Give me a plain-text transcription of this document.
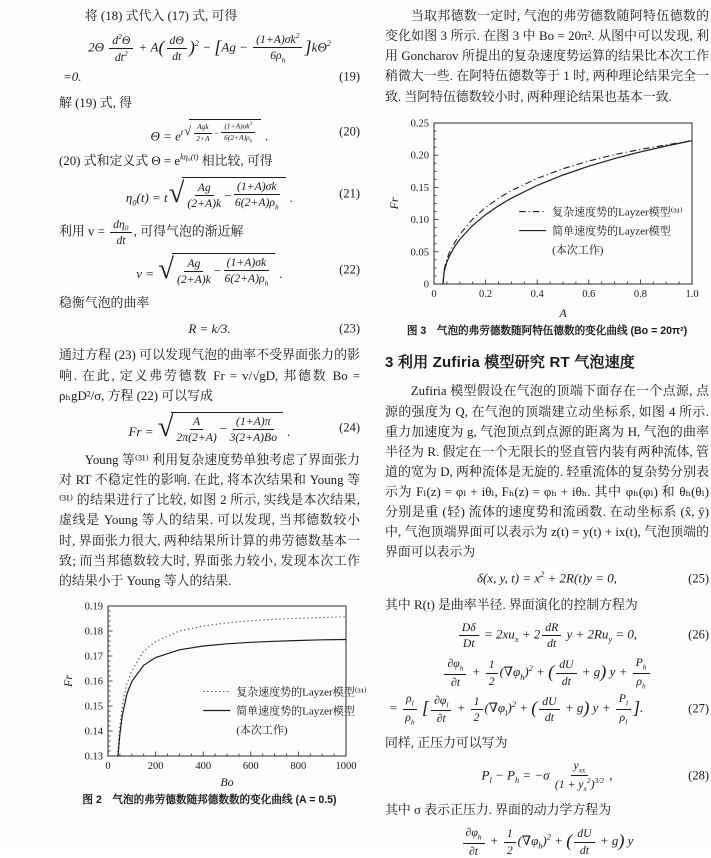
将 (18) 式代入 (17) 式, 可得

$2\Theta \frac{d^2\Theta}{dt^2} + A( \frac{d\Theta}{dt} )^2 - [Ag - \frac{(1+A)\sigma k^2}{6\rho_h} ]k\Theta^2$
=0.	(19)

解 (19) 式, 得

$\Theta = e^{t √ \frac{\text{Agk}}{2+A} - \frac{(1+A)\sigma k^3}{6(2+A)\rho_h}}$ .	(20)

(20) 式和定义式 $\Theta = e^{k\eta_0(t)}$ 相比较, 可得

$\eta_0(t) = t$ √ $\frac{Ag}{(2+A)k} - \frac{(1+A)\sigma k}{6(2+A)\rho_h}$ .	(21)

利用 $v = \frac{\text{dη₀}}{dt}$ , 可得气泡的渐近解

v = √ $\frac{Ag}{(2+A)k} - \frac{(1+A)\sigma k}{6(2+A)\rho_h}$ .	(22)

稳衡气泡的曲率

R = k/3.	(23)

通过方程 (23) 可以发现气泡的曲率不受界面张力的影响. 在此, 定义弗劳德数 Fr = v/√gD, 邦德数 Bo = ρₕgD²/σ, 方程 (22) 可以写成

Fr = √ $\frac{A}{2\pi(2+A)} - \frac{(1+A)\pi}{3(2+A)Bo}$ .	(24)

Young 等⁽³¹⁾ 利用复杂速度势单独考虑了界面张力对 RT 不稳定性的影响. 在此, 将本次结果和 Young 等⁽³¹⁾ 的结果进行了比较, 如图 2 所示, 实线是本次结果, 虚线是 Young 等人的结果. 可以发现, 当邦德数较小时, 界面张力很大, 两种结果所计算的弗劳德数基本一致; 而当邦德数较大时, 界面张力较小, 发现本次工作的结果小于 Young 等人的结果.

0	200	400	600	800	1000
0.13
0.14
0.15
0.16
0.17
0.18
0.19
Bo
Fr
复杂速度势的Layzer模型⁽³¹⁾
简单速度势的Layzer模型
(本次工作)
图 2　气泡的弗劳德数随邦德数数的变化曲线 (A = 0.5)

当取邦德数一定时, 气泡的弗劳德数随阿特伍德数的变化如图 3 所示. 在图 3 中 Bo = 20π². 从图中可以发现, 利用 Goncharov 所提出的复杂速度势运算的结果比本次工作稍微大一些. 在阿特伍德数等于 1 时, 两种理论结果完全一致. 当阿特伍德数较小时, 两种理论结果也基本一致.

0	0.2	0.4	0.6	0.8	1.0
0
0.05
0.10
0.15
0.20
0.25
A
Fr
复杂速度势的Layzer模型⁽³¹⁾
简单速度势的Layzer模型
(本次工作)
图 3　气泡的弗劳德数随阿特伍德数的变化曲线 (Bo = 20π²)
3 利用 Zufiria 模型研究 RT 气泡速度

Zufiria 模型假设在气泡的顶端下面存在一个点源, 点源的强度为 Q, 在气泡的顶端建立动坐标系, 如图 4 所示. 重力加速度为 g, 气泡顶点到点源的距离为 H, 气泡的曲率半径为 R. 假定在一个无限长的竖直管内装有两种流体, 管道的宽为 D, 两种流体是无旋的. 轻重流体的复杂势分别表示为 Fₗ(z) = φₗ + iθₗ, Fₕ(z) = φₕ + iθₕ. 其中 φₕ(φₗ) 和 θₕ(θₗ) 分别是重 (轻) 流体的速度势和流函数. 在动坐标系 (x̂, ŷ) 中, 气泡顶端界面可以表示为 z(t) = y(t) + ix(t), 气泡顶端的界面可以表示为

δ(x, y, $t) = x^2 + 2R(t)y = 0$,	(25)

其中 R(t) 是曲率半径. 界面演化的控制方程为

$\frac{D\delta}{Dt} = 2xu_x + 2 \frac{dR}{dt}$ $y + 2Ru_y = 0$,	(26)
$\frac{\partial\varphi_h}{\partial t} + \frac{1}{2} (\nabla\varphi_h)^2$ + ( $\frac{dU}{dt} + g$) $y + \frac{P_h}{\rho_h}$
= $\frac{\rho_l}{\rho_h}$ [ $\frac{\partial\varphi_l}{\partial t} + \frac{1}{2} (\nabla\varphi_l)^2$ + ( $\frac{dU}{dt} + g$) $y + \frac{P_l}{\rho_l}$ ].	(27)

同样, 正压力可以写为

$P_l - P_h = -\sigma \frac{y_{xx}}{(1 + y_x^2)^{3/2}}$ ,	(28)

其中 σ 表示正压力. 界面的动力学方程为

$\frac{\partial\varphi_h}{\partial t} + \frac{1}{2} (\nabla\varphi_h)^2$ + ( $\frac{dU}{dt} + g$) y
